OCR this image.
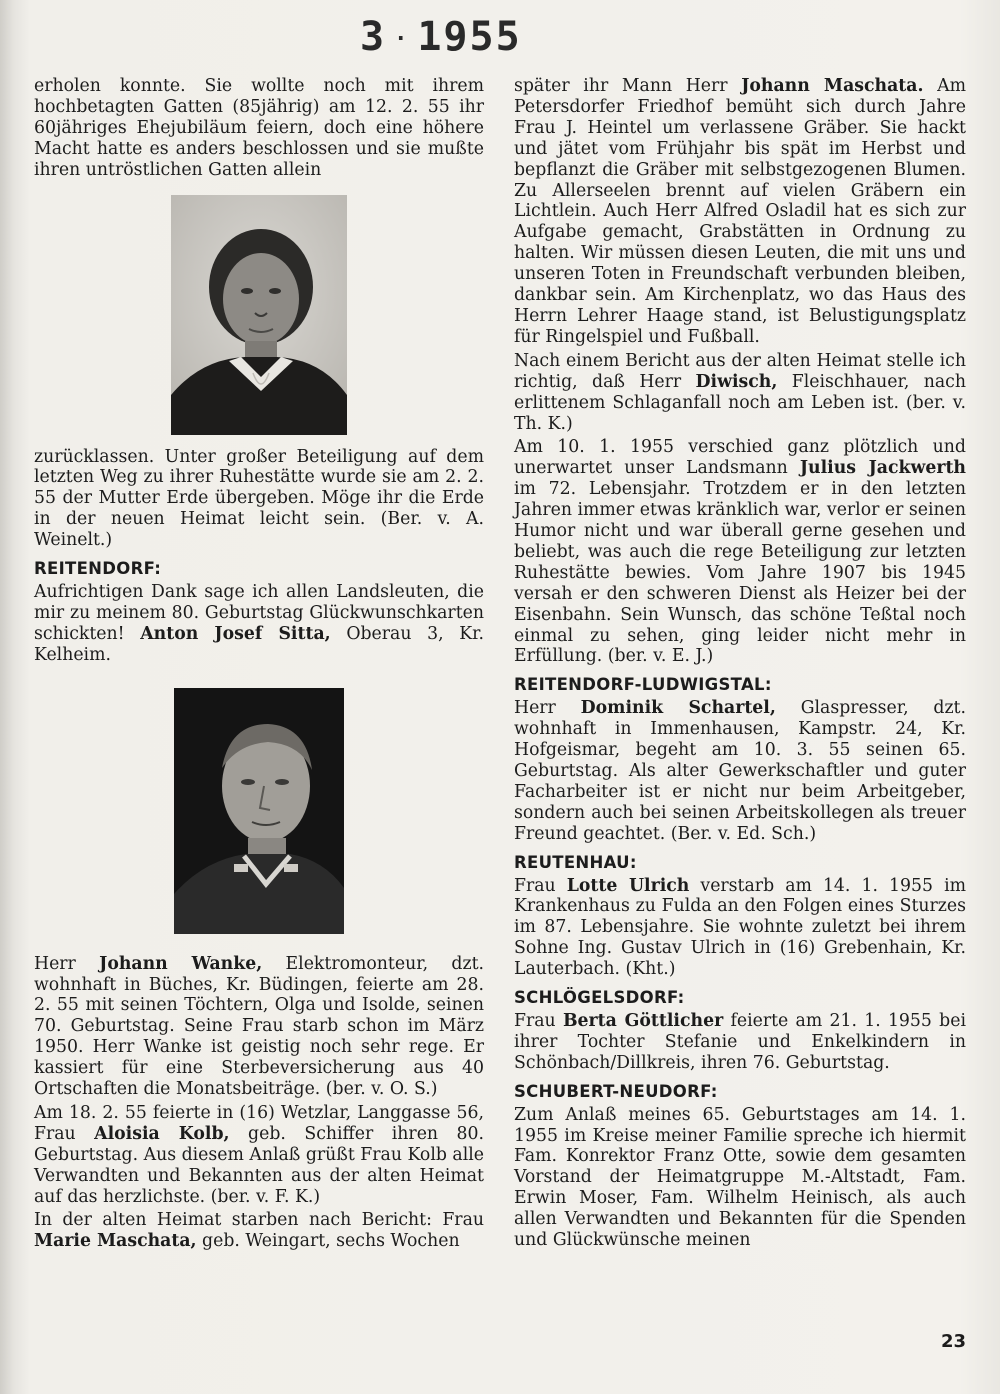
3 · 1955

erholen konnte. Sie wollte noch mit ihrem hochbetagten Gatten (85jährig) am 12. 2. 55 ihr 60jähriges Ehejubiläum feiern, doch eine höhere Macht hatte es anders beschlossen und sie mußte ihren untröstlichen Gatten allein

zurücklassen. Unter großer Beteiligung auf dem letzten Weg zu ihrer Ruhestätte wurde sie am 2. 2. 55 der Mutter Erde übergeben. Möge ihr die Erde in der neuen Heimat leicht sein. (Ber. v. A. Weinelt.)

REITENDORF:

Aufrichtigen Dank sage ich allen Landsleuten, die mir zu meinem 80. Geburtstag Glückwunschkarten schickten! Anton Josef Sitta, Oberau 3, Kr. Kelheim.

Herr Johann Wanke, Elektromonteur, dzt. wohnhaft in Büches, Kr. Büdingen, feierte am 28. 2. 55 mit seinen Töchtern, Olga und Isolde, seinen 70. Geburtstag. Seine Frau starb schon im März 1950. Herr Wanke ist geistig noch sehr rege. Er kassiert für eine Sterbeversicherung aus 40 Ortschaften die Monatsbeiträge. (ber. v. O. S.)

Am 18. 2. 55 feierte in (16) Wetzlar, Langgasse 56, Frau Aloisia Kolb, geb. Schiffer ihren 80. Geburtstag. Aus diesem Anlaß grüßt Frau Kolb alle Verwandten und Bekannten aus der alten Heimat auf das herzlichste. (ber. v. F. K.)

In der alten Heimat starben nach Bericht: Frau Marie Maschata, geb. Weingart, sechs Wochen

später ihr Mann Herr Johann Maschata. Am Petersdorfer Friedhof bemüht sich durch Jahre Frau J. Heintel um verlassene Gräber. Sie hackt und jätet vom Frühjahr bis spät im Herbst und bepflanzt die Gräber mit selbstgezogenen Blumen. Zu Allerseelen brennt auf vielen Gräbern ein Lichtlein. Auch Herr Alfred Osladil hat es sich zur Aufgabe gemacht, Grabstätten in Ordnung zu halten. Wir müssen diesen Leuten, die mit uns und unseren Toten in Freundschaft verbunden bleiben, dankbar sein. Am Kirchenplatz, wo das Haus des Herrn Lehrer Haage stand, ist Belustigungsplatz für Ringelspiel und Fußball.

Nach einem Bericht aus der alten Heimat stelle ich richtig, daß Herr Diwisch, Fleischhauer, nach erlittenem Schlaganfall noch am Leben ist. (ber. v. Th. K.)

Am 10. 1. 1955 verschied ganz plötzlich und unerwartet unser Landsmann Julius Jackwerth im 72. Lebensjahr. Trotzdem er in den letzten Jahren immer etwas kränklich war, verlor er seinen Humor nicht und war überall gerne gesehen und beliebt, was auch die rege Beteiligung zur letzten Ruhestätte bewies. Vom Jahre 1907 bis 1945 versah er den schweren Dienst als Heizer bei der Eisenbahn. Sein Wunsch, das schöne Teßtal noch einmal zu sehen, ging leider nicht mehr in Erfüllung. (ber. v. E. J.)

REITENDORF-LUDWIGSTAL:

Herr Dominik Schartel, Glaspresser, dzt. wohnhaft in Immenhausen, Kampstr. 24, Kr. Hofgeismar, begeht am 10. 3. 55 seinen 65. Geburtstag. Als alter Gewerkschaftler und guter Facharbeiter ist er nicht nur beim Arbeitgeber, sondern auch bei seinen Arbeitskollegen als treuer Freund geachtet. (Ber. v. Ed. Sch.)

REUTENHAU:

Frau Lotte Ulrich verstarb am 14. 1. 1955 im Krankenhaus zu Fulda an den Folgen eines Sturzes im 87. Lebensjahre. Sie wohnte zuletzt bei ihrem Sohne Ing. Gustav Ulrich in (16) Grebenhain, Kr. Lauterbach. (Kht.)

SCHLÖGELSDORF:

Frau Berta Göttlicher feierte am 21. 1. 1955 bei ihrer Tochter Stefanie und Enkelkindern in Schönbach/Dillkreis, ihren 76. Geburtstag.

SCHUBERT-NEUDORF:

Zum Anlaß meines 65. Geburtstages am 14. 1. 1955 im Kreise meiner Familie spreche ich hiermit Fam. Konrektor Franz Otte, sowie dem gesamten Vorstand der Heimatgruppe M.-Altstadt, Fam. Erwin Moser, Fam. Wilhelm Heinisch, als auch allen Verwandten und Bekannten für die Spenden und Glückwünsche meinen

23
